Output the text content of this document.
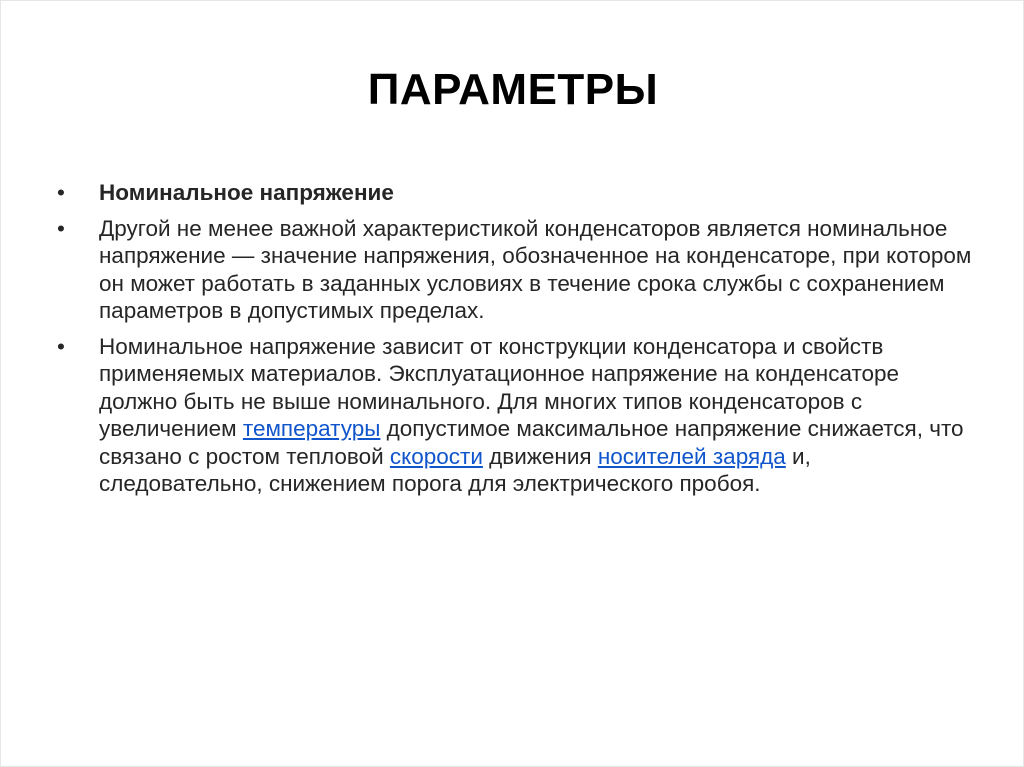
ПАРАМЕТРЫ
•	Номинальное напряжение
•	Другой не менее важной характеристикой конденсаторов является номинальное напряжение — значение напряжения, обозначенное на конденсаторе, при котором он может работать в заданных условиях в течение срока службы с сохранением параметров в допустимых пределах.
•	Номинальное напряжение зависит от конструкции конденсатора и свойств применяемых материалов. Эксплуатационное напряжение на конденсаторе должно быть не выше номинального. Для многих типов конденсаторов с увеличением температуры допустимое максимальное напряжение снижается, что связано с ростом тепловой скорости движения носителей заряда и, следовательно, снижением порога для электрического пробоя.
